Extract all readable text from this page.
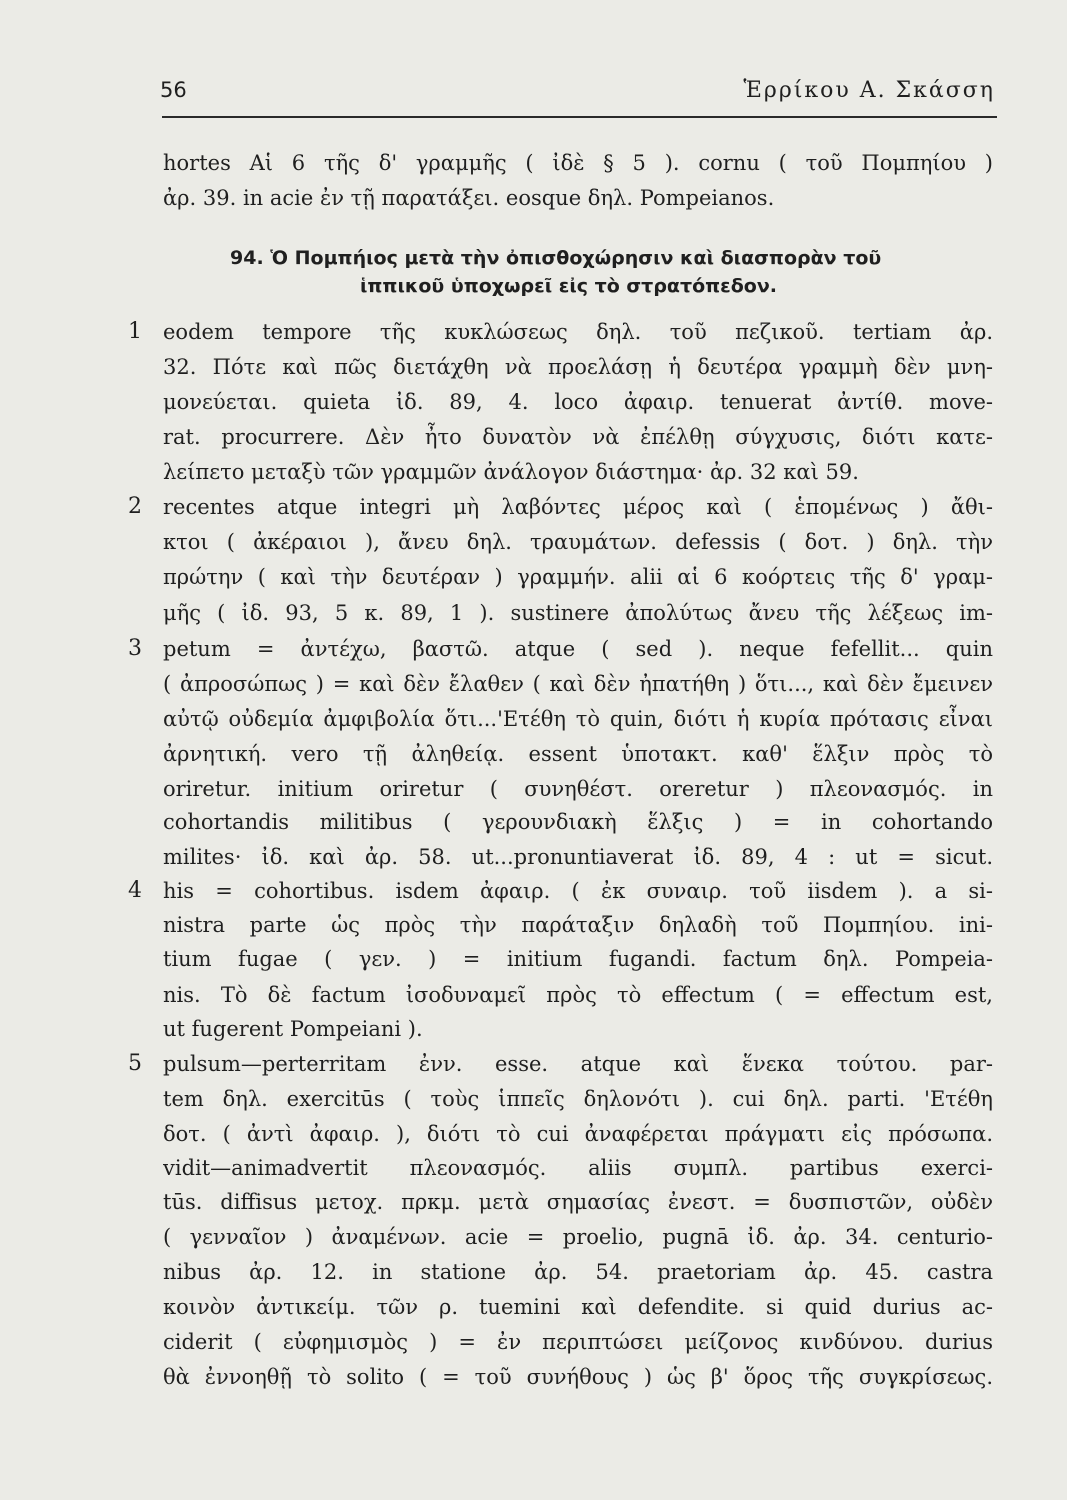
56	Ἑρρίκου Α. Σκάσση
hortes Αἱ 6 τῆς δ' γραμμῆς ( ἰδὲ § 5 ). cornu ( τοῦ Πομπηίου )
ἀρ. 39. in acie ἐν τῇ παρατάξει. eosque δηλ. Pompeianos.
94. Ὁ Πομπήιος μετὰ τὴν ὀπισθοχώρησιν καὶ διασπορὰν τοῦ
ἱππικοῦ ὑποχωρεῖ εἰς τὸ στρατόπεδον.
1
2
3
4
5
eodem tempore τῆς κυκλώσεως δηλ. τοῦ πεζικοῦ. tertiam ἀρ.
32. Πότε καὶ πῶς διετάχθη νὰ προελάσῃ ἡ δευτέρα γραμμὴ δὲν μνη-
μονεύεται. quieta ἰδ. 89, 4. loco ἀφαιρ. tenuerat ἀντίθ. move-
rat. procurrere. Δὲν ἦτο δυνατὸν νὰ ἐπέλθῃ σύγχυσις, διότι κατε-
λείπετο μεταξὺ τῶν γραμμῶν ἀνάλογον διάστημα· ἀρ. 32 καὶ 59.
recentes atque integri μὴ λαβόντες μέρος καὶ ( ἑπομένως ) ἄθι-
κτοι ( ἀκέραιοι ), ἄνευ δηλ. τραυμάτων. defessis ( δοτ. ) δηλ. τὴν
πρώτην ( καὶ τὴν δευτέραν ) γραμμήν. alii αἱ 6 κοόρτεις τῆς δ' γραμ-
μῆς ( ἰδ. 93, 5 κ. 89, 1 ). sustinere ἀπολύτως ἄνευ τῆς λέξεως im-
petum = ἀντέχω, βαστῶ. atque ( sed ). neque fefellit... quin
( ἀπροσώπως ) = καὶ δὲν ἔλαθεν ( καὶ δὲν ἠπατήθη ) ὅτι..., καὶ δὲν ἔμεινεν
αὐτῷ οὐδεμία ἀμφιβολία ὅτι...'Ετέθη τὸ quin, διότι ἡ κυρία πρότασις εἶναι
ἀρνητική. vero τῇ ἀληθείᾳ. essent ὑποτακτ. καθ' ἕλξιν πρὸς τὸ
oriretur. initium oriretur ( συνηθέστ. oreretur ) πλεονασμός. in
cohortandis militibus ( γερουνδιακὴ ἕλξις ) = in cohortando
milites· ἰδ. καὶ ἀρ. 58. ut...pronuntiaverat ἰδ. 89, 4 : ut = sicut.
his = cohortibus. isdem ἀφαιρ. ( ἐκ συναιρ. τοῦ iisdem ). a si-
nistra parte ὡς πρὸς τὴν παράταξιν δηλαδὴ τοῦ Πομπηίου. ini-
tium fugae ( γεν. ) = initium fugandi. factum δηλ. Pompeia-
nis. Τὸ δὲ factum ἰσοδυναμεῖ πρὸς τὸ effectum ( = effectum est,
ut fugerent Pompeiani ).
pulsum—perterritam ἐνν. esse. atque καὶ ἕνεκα τούτου. par-
tem δηλ. exercitūs ( τοὺς ἱππεῖς δηλονότι ). cui δηλ. parti. 'Ετέθη
δοτ. ( ἀντὶ ἀφαιρ. ), διότι τὸ cui ἀναφέρεται πράγματι εἰς πρόσωπα.
vidit—animadvertit πλεονασμός. aliis συμπλ. partibus exerci-
tūs. diffisus μετοχ. πρκμ. μετὰ σημασίας ἐνεστ. = δυσπιστῶν, οὐδὲν
( γενναῖον ) ἀναμένων. acie = proelio, pugnā ἰδ. ἀρ. 34. centurio-
nibus ἀρ. 12. in statione ἀρ. 54. praetoriam ἀρ. 45. castra
κοινὸν ἀντικείμ. τῶν ρ. tuemini καὶ defendite. si quid durius ac-
ciderit ( εὐφημισμὸς ) = ἐν περιπτώσει μείζονος κινδύνου. durius
θὰ ἐννοηθῇ τὸ solito ( = τοῦ συνήθους ) ὡς β' ὅρος τῆς συγκρίσεως.
